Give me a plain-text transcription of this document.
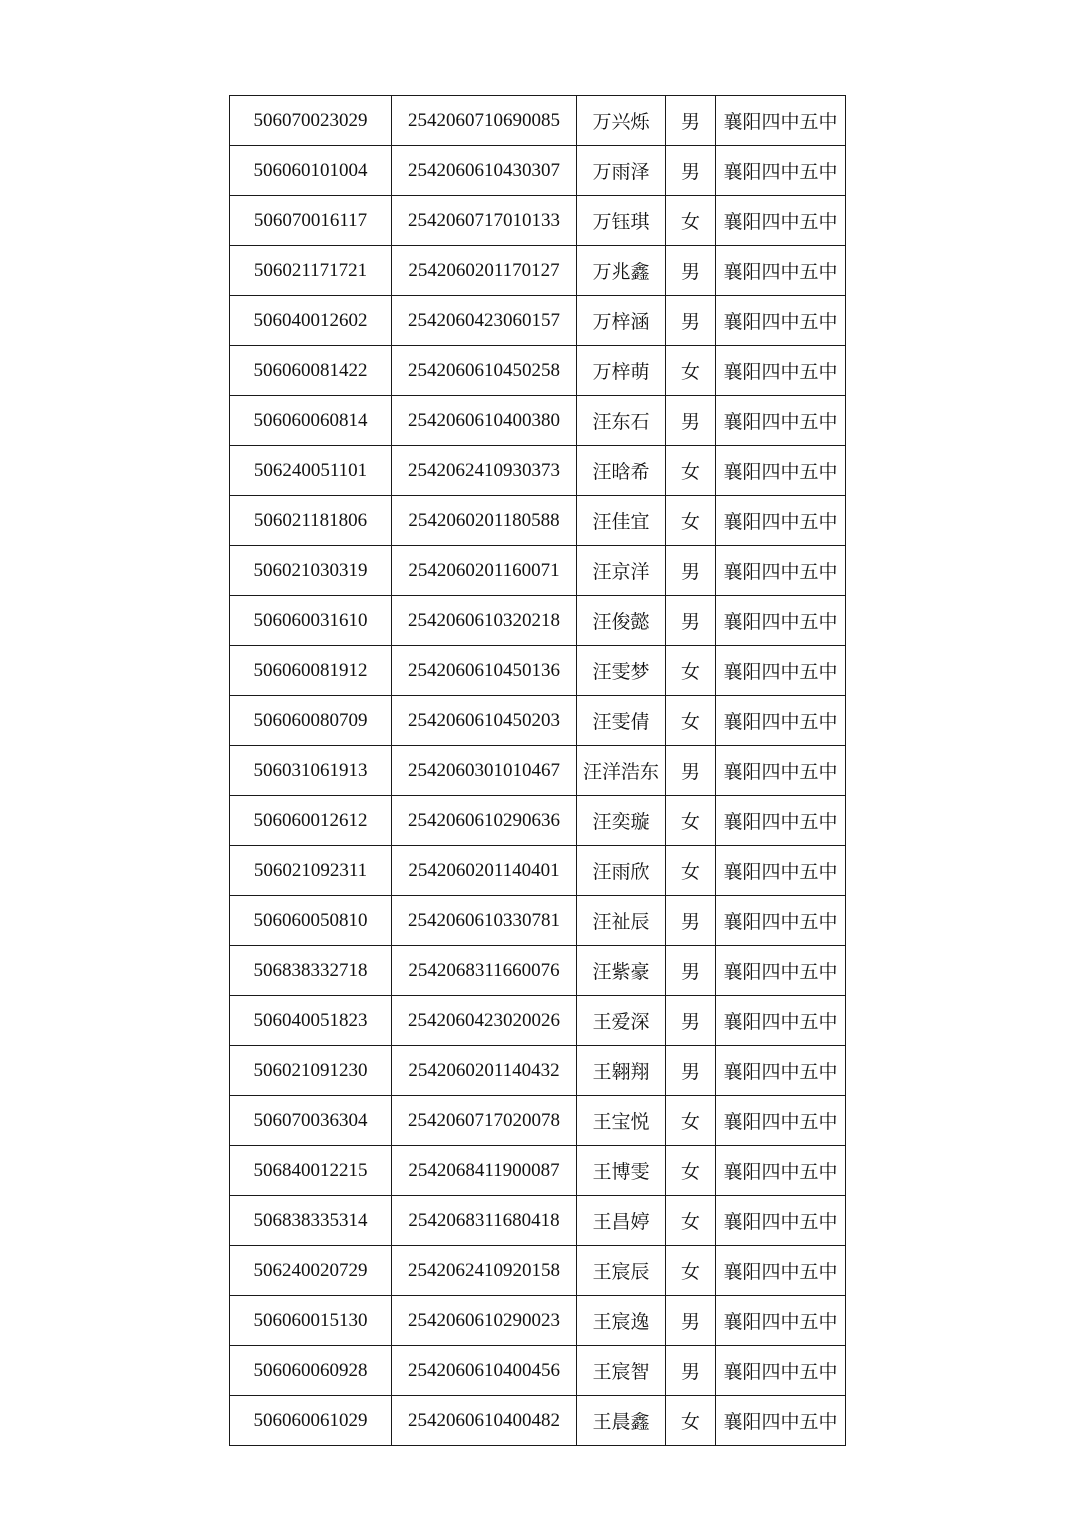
506070023029	2542060710690085	万兴烁	男	襄阳四中五中
506060101004	2542060610430307	万雨泽	男	襄阳四中五中
506070016117	2542060717010133	万钰琪	女	襄阳四中五中
506021171721	2542060201170127	万兆鑫	男	襄阳四中五中
506040012602	2542060423060157	万梓涵	男	襄阳四中五中
506060081422	2542060610450258	万梓萌	女	襄阳四中五中
506060060814	2542060610400380	汪东石	男	襄阳四中五中
506240051101	2542062410930373	汪晗希	女	襄阳四中五中
506021181806	2542060201180588	汪佳宜	女	襄阳四中五中
506021030319	2542060201160071	汪京洋	男	襄阳四中五中
506060031610	2542060610320218	汪俊懿	男	襄阳四中五中
506060081912	2542060610450136	汪雯梦	女	襄阳四中五中
506060080709	2542060610450203	汪雯倩	女	襄阳四中五中
506031061913	2542060301010467	汪洋浩东	男	襄阳四中五中
506060012612	2542060610290636	汪奕璇	女	襄阳四中五中
506021092311	2542060201140401	汪雨欣	女	襄阳四中五中
506060050810	2542060610330781	汪祉辰	男	襄阳四中五中
506838332718	2542068311660076	汪紫豪	男	襄阳四中五中
506040051823	2542060423020026	王爱深	男	襄阳四中五中
506021091230	2542060201140432	王翱翔	男	襄阳四中五中
506070036304	2542060717020078	王宝悦	女	襄阳四中五中
506840012215	2542068411900087	王博雯	女	襄阳四中五中
506838335314	2542068311680418	王昌婷	女	襄阳四中五中
506240020729	2542062410920158	王宸辰	女	襄阳四中五中
506060015130	2542060610290023	王宸逸	男	襄阳四中五中
506060060928	2542060610400456	王宸智	男	襄阳四中五中
506060061029	2542060610400482	王晨鑫	女	襄阳四中五中
